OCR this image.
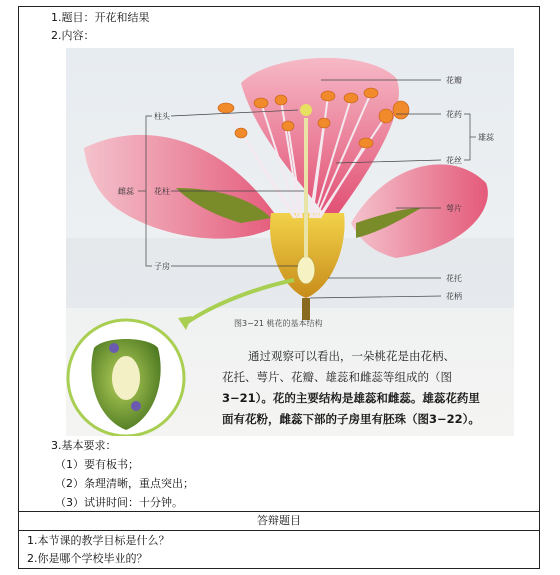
1.题目：开花和结果
2.内容：
3.基本要求：
（1）要有板书；
（2）条理清晰，重点突出；
（3）试讲时间：十分钟。
答辩题目
1.本节课的教学目标是什么？
2.你是哪个学校毕业的？
花瓣
花药
花丝
雄蕊
柱头
花柱
雌蕊
萼片
子房
花托
花柄
图3−21 桃花的基本结构
通过观察可以看出，一朵桃花是由花柄、
花托、萼片、花瓣、雄蕊和雌蕊等组成的（图
3−21）。花的主要结构是雄蕊和雌蕊。雄蕊花药里
面有花粉，雌蕊下部的子房里有胚珠（图3−22）。
